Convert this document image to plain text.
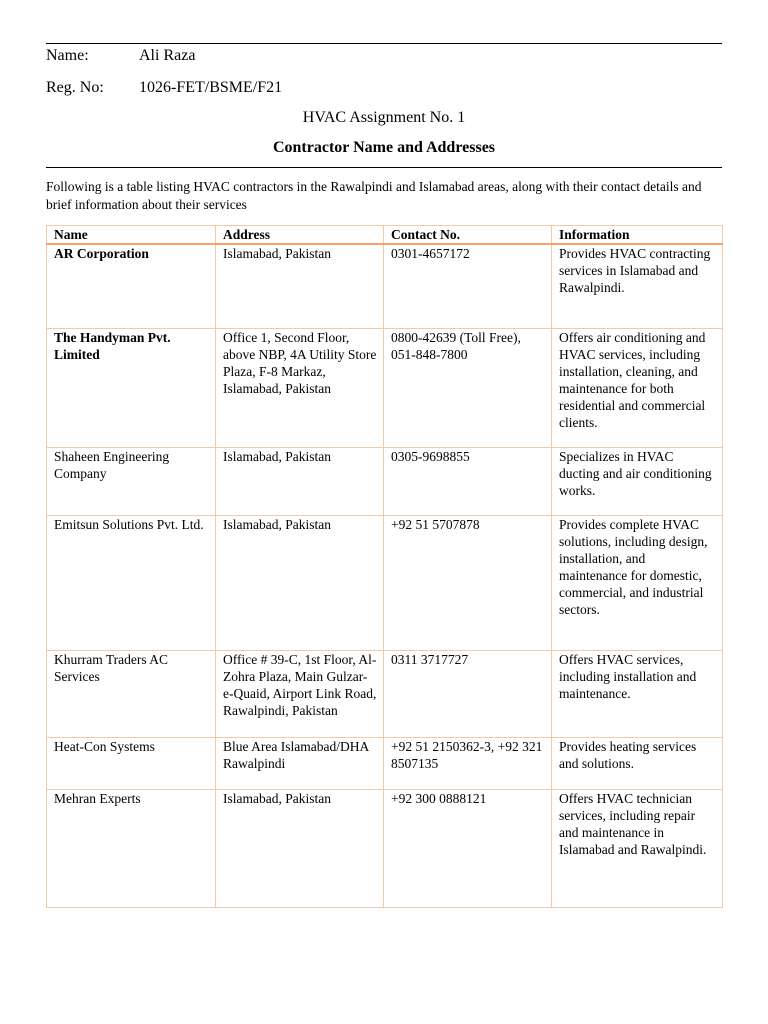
Name:	Ali Raza
Reg. No: 1026-FET/BSME/F21
HVAC Assignment No. 1
Contractor Name and Addresses
Following is a table listing HVAC contractors in the Rawalpindi and Islamabad areas, along with their contact details and brief information about their services
Name	Address	Contact No.	Information
AR Corporation	Islamabad, Pakistan	0301-4657172	Provides HVAC contracting services in Islamabad and Rawalpindi.
The Handyman Pvt. Limited	Office 1, Second Floor, above NBP, 4A Utility Store Plaza, F-8 Markaz, Islamabad, Pakistan	0800-42639 (Toll Free), 051-848-7800	Offers air conditioning and HVAC services, including installation, cleaning, and maintenance for both residential and commercial clients.
Shaheen Engineering Company	Islamabad, Pakistan	0305-9698855	Specializes in HVAC ducting and air conditioning works.
Emitsun Solutions Pvt. Ltd.	Islamabad, Pakistan	+92 51 5707878	Provides complete HVAC solutions, including design, installation, and maintenance for domestic, commercial, and industrial sectors.
Khurram Traders AC Services	Office # 39-C, 1st Floor, Al-Zohra Plaza, Main Gulzar-e-Quaid, Airport Link Road, Rawalpindi, Pakistan	0311 3717727	Offers HVAC services, including installation and maintenance.
Heat-Con Systems	Blue Area Islamabad/DHA Rawalpindi	+92 51 2150362-3, +92 321 8507135	Provides heating services and solutions.
Mehran Experts	Islamabad, Pakistan	+92 300 0888121	Offers HVAC technician services, including repair and maintenance in Islamabad and Rawalpindi.
